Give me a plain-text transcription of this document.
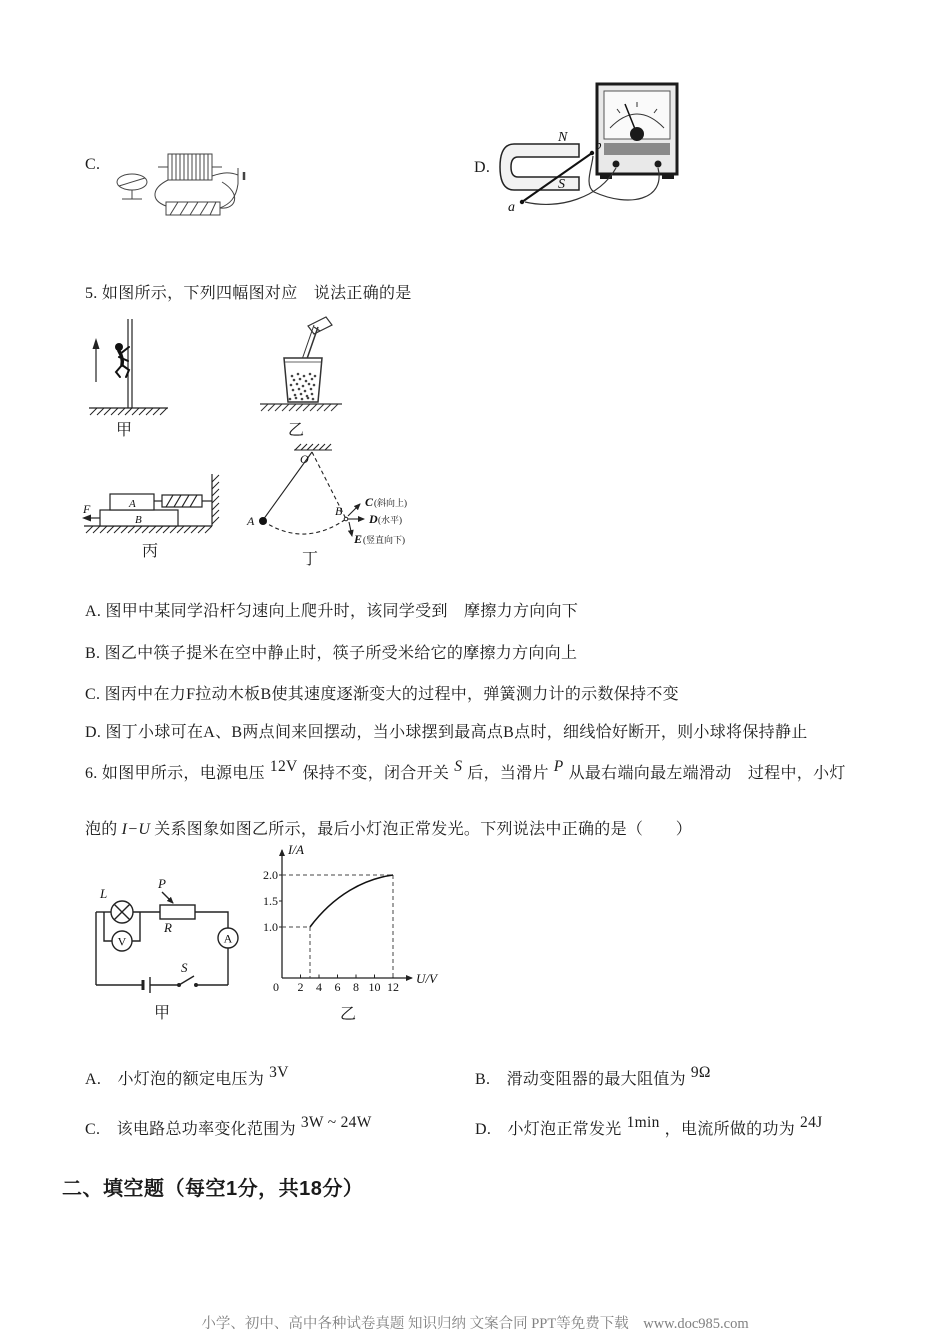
C.	D.
N b
S
a
5. 如图所示，下列四幅图对应　说法正确的是
甲	乙
F	A
B
O
A
B
C (斜向上)
D (水平)
E (竖直向下)
丙	丁
A. 图甲中某同学沿杆匀速向上爬升时，该同学受到　摩擦力方向向下
B. 图乙中筷子提米在空中静止时，筷子所受米给它的摩擦力方向向上
C. 图丙中在力F拉动木板B使其速度逐渐变大的过程中，弹簧测力计的示数保持不变
D. 图丁小球可在A、B两点间来回摆动，当小球摆到最高点B点时，细线恰好断开，则小球将保持静止
6. 如图甲所示，电源电压 12V 保持不变，闭合开关 S 后，当滑片 P 从最右端向最左端滑动　过程中，小灯
泡的 I−U 关系图象如图乙所示，最后小灯泡正常发光。下列说法中正确的是（　　）
L
P
R
A
V
S
I/A
U/V
2.0
1.5
1.0
0 2 4 6 8 10 12
甲	乙
A.　小灯泡的额定电压为 3V	B.　滑动变阻器的最大阻值为 9Ω
C.　该电路总功率变化范围为 3W ~ 24W	D.　小灯泡正常发光 1min ，电流所做的功为 24J
二、填空题（每空1分，共18分）
小学、初中、高中各种试卷真题 知识归纳 文案合同 PPT等免费下载　www.doc985.com
